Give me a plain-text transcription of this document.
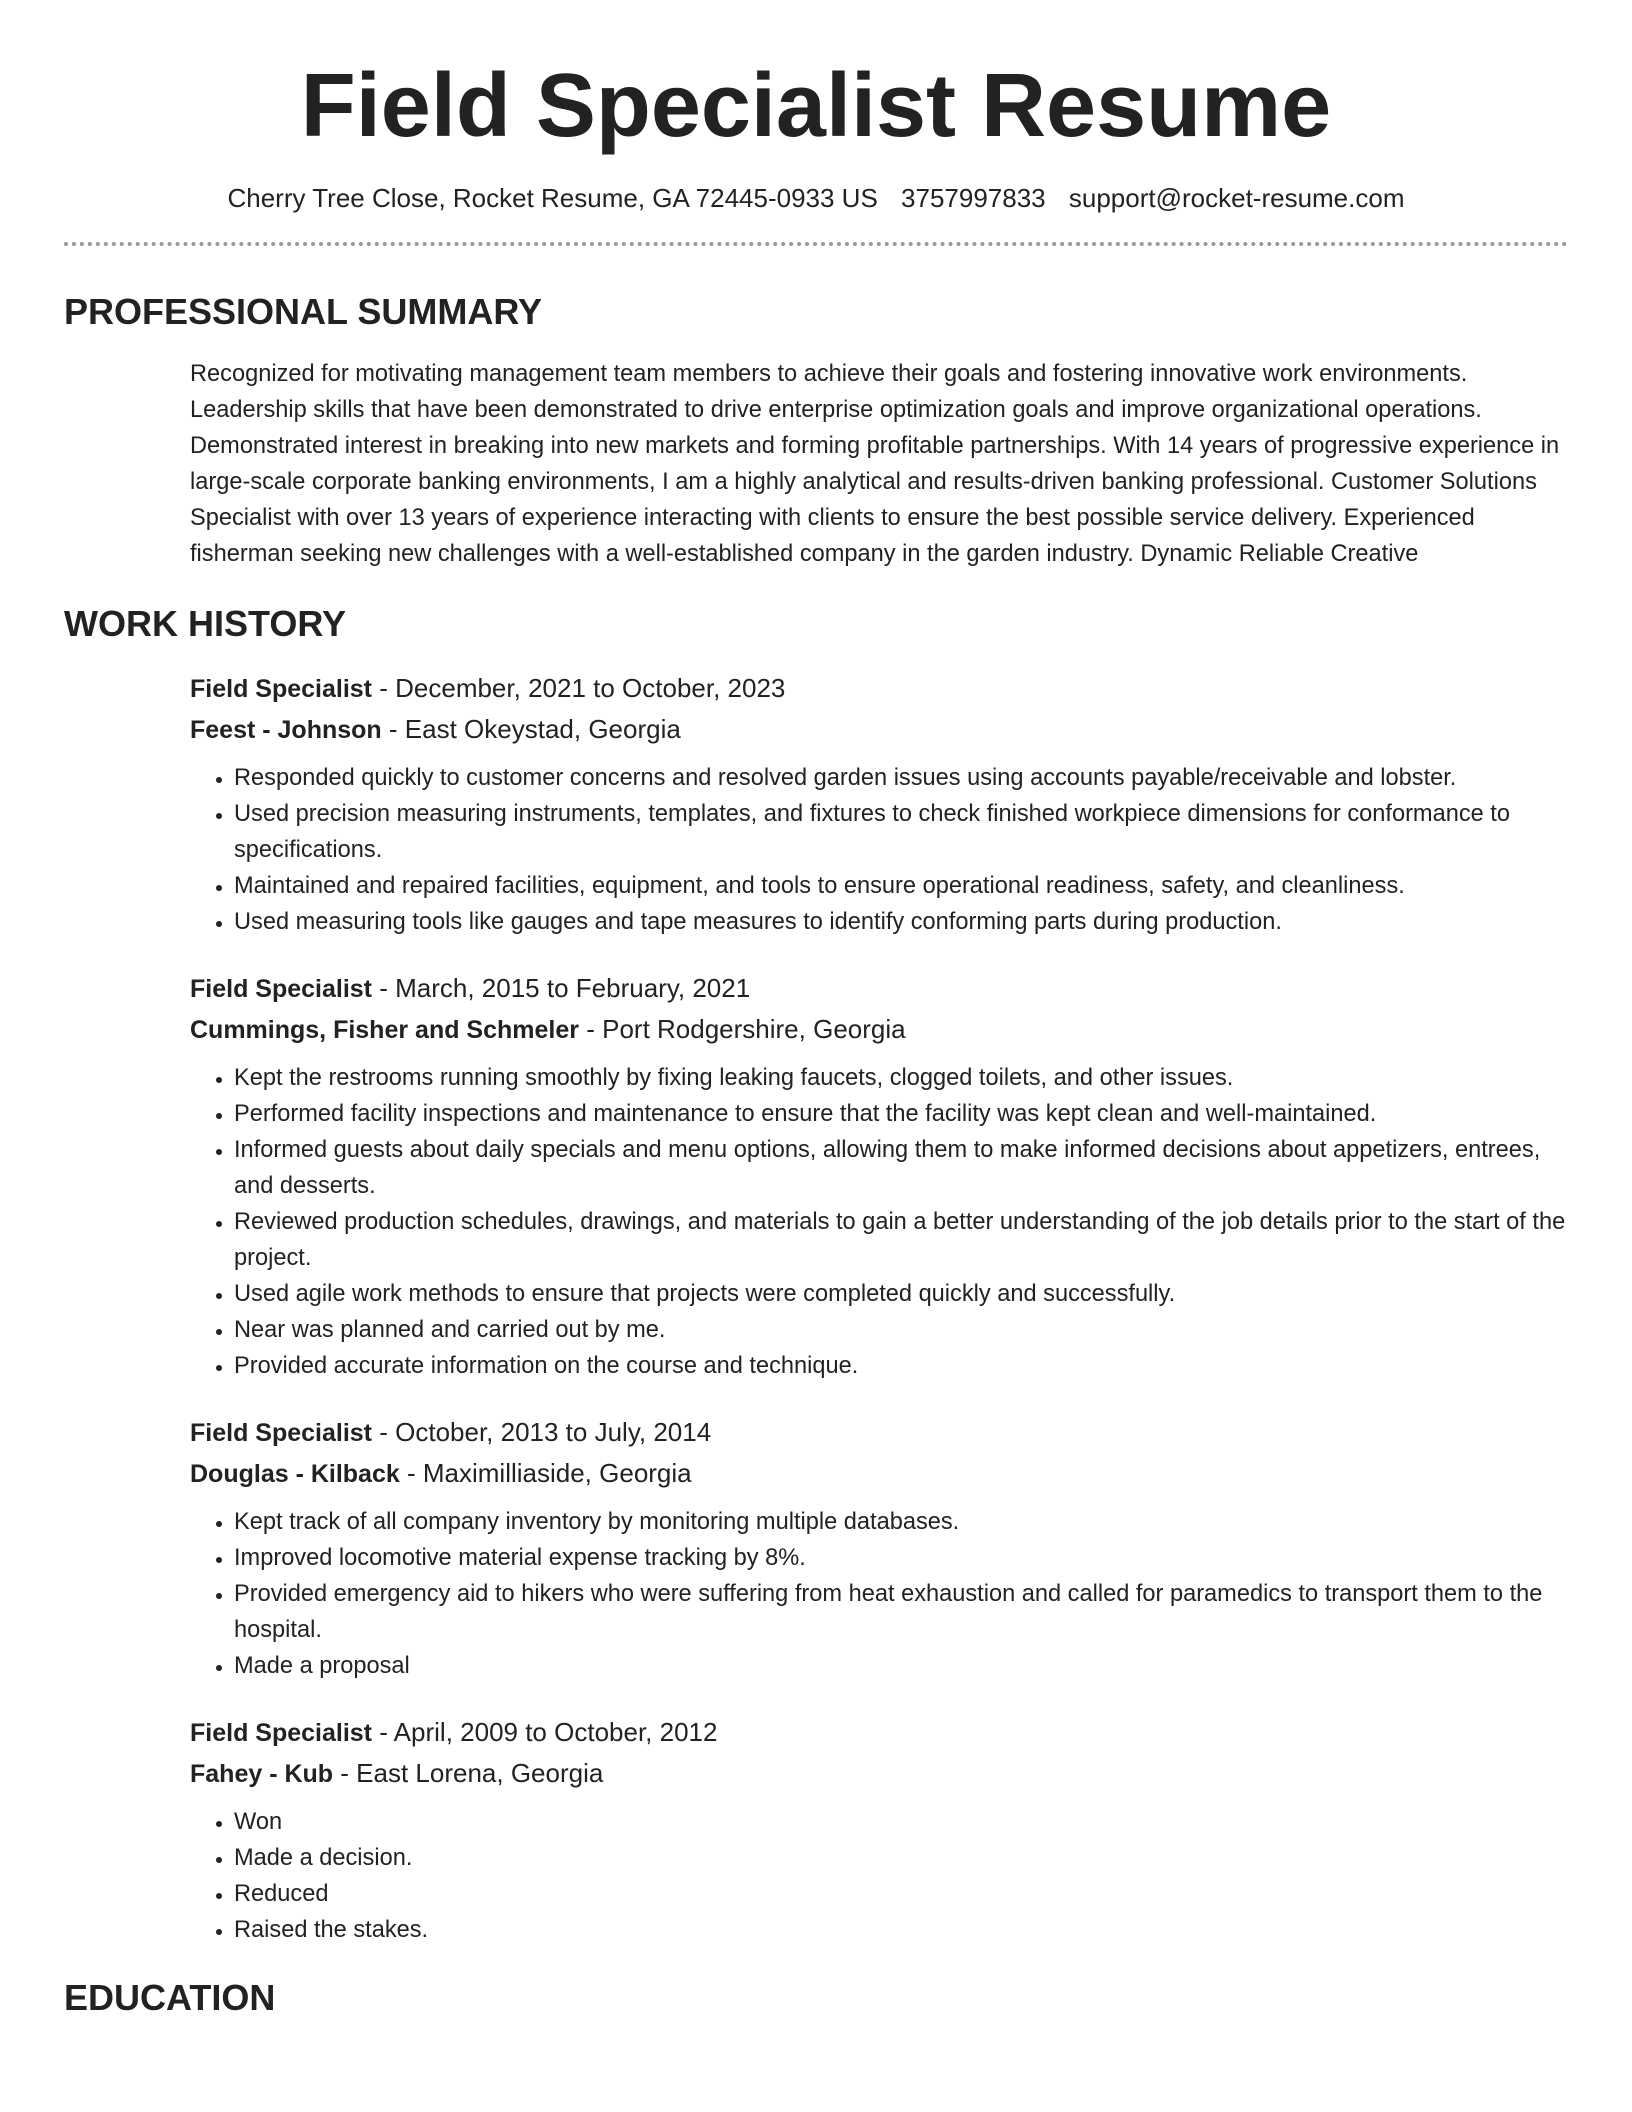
Field Specialist Resume
Cherry Tree Close, Rocket Resume, GA 72445-0933 US 3757997833 support@rocket-resume.com
PROFESSIONAL SUMMARY

Recognized for motivating management team members to achieve their goals and fostering innovative work environments. Leadership skills that have been demonstrated to drive enterprise optimization goals and improve organizational operations. Demonstrated interest in breaking into new markets and forming profitable partnerships. With 14 years of progressive experience in large-scale corporate banking environments, I am a highly analytical and results-driven banking professional. Customer Solutions Specialist with over 13 years of experience interacting with clients to ensure the best possible service delivery. Experienced fisherman seeking new challenges with a well-established company in the garden industry. Dynamic Reliable Creative

WORK HISTORY
Field Specialist - December, 2021 to October, 2023
Feest - Johnson - East Okeystad, Georgia
• Responded quickly to customer concerns and resolved garden issues using accounts payable/receivable and lobster.
• Used precision measuring instruments, templates, and fixtures to check finished workpiece dimensions for conformance to specifications.
• Maintained and repaired facilities, equipment, and tools to ensure operational readiness, safety, and cleanliness.
• Used measuring tools like gauges and tape measures to identify conforming parts during production.
Field Specialist - March, 2015 to February, 2021
Cummings, Fisher and Schmeler - Port Rodgershire, Georgia
• Kept the restrooms running smoothly by fixing leaking faucets, clogged toilets, and other issues.
• Performed facility inspections and maintenance to ensure that the facility was kept clean and well-maintained.
• Informed guests about daily specials and menu options, allowing them to make informed decisions about appetizers, entrees, and desserts.
• Reviewed production schedules, drawings, and materials to gain a better understanding of the job details prior to the start of the project.
• Used agile work methods to ensure that projects were completed quickly and successfully.
• Near was planned and carried out by me.
• Provided accurate information on the course and technique.
Field Specialist - October, 2013 to July, 2014
Douglas - Kilback - Maximilliaside, Georgia
• Kept track of all company inventory by monitoring multiple databases.
• Improved locomotive material expense tracking by 8%.
• Provided emergency aid to hikers who were suffering from heat exhaustion and called for paramedics to transport them to the hospital.
• Made a proposal
Field Specialist - April, 2009 to October, 2012
Fahey - Kub - East Lorena, Georgia
• Won
• Made a decision.
• Reduced
• Raised the stakes.
EDUCATION
